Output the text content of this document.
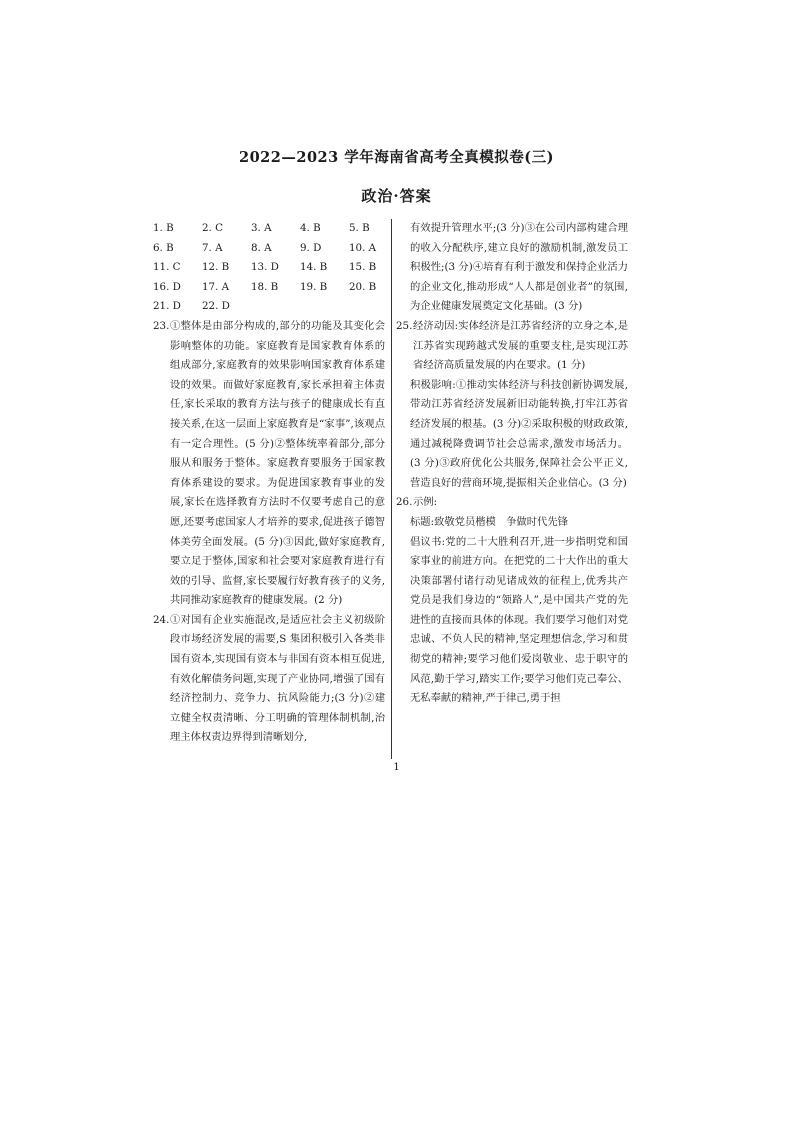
2022—2023 学年海南省高考全真模拟卷(三)
政治·答案
1. B	2. C	3. A	4. B	5. B
6. B	7. A	8. A	9. D	10. A
11. C	12. B	13. D	14. B	15. B
16. D	17. A	18. B	19. B	20. B
21. D	22. D
23. ①整体是由部分构成的,部分的功能及其变化会影响整体的功能。家庭教育是国家教育体系的组成部分,家庭教育的效果影响国家教育体系建设的效果。而做好家庭教育,家长承担着主体责任,家长采取的教育方法与孩子的健康成长有直接关系,在这一层面上家庭教育是“家事”,该观点有一定合理性。(5 分)②整体统率着部分,部分服从和服务于整体。家庭教育要服务于国家教育体系建设的要求。为促进国家教育事业的发展,家长在选择教育方法时不仅要考虑自己的意愿,还要考虑国家人才培养的要求,促进孩子德智体美劳全面发展。(5 分)③因此,做好家庭教育,要立足于整体,国家和社会要对家庭教育进行有效的引导、监督,家长要履行好教育孩子的义务,共同推动家庭教育的健康发展。(2 分)
24. ①对国有企业实施混改,是适应社会主义初级阶段市场经济发展的需要,S 集团积极引入各类非国有资本,实现国有资本与非国有资本相互促进,有效化解债务问题,实现了产业协同,增强了国有经济控制力、竞争力、抗风险能力;(3 分)②建立健全权责清晰、分工明确的管理体制机制,治理主体权责边界得到清晰划分,
有效提升管理水平;(3 分)③在公司内部构建合理的收入分配秩序,建立良好的激励机制,激发员工积极性;(3 分)④培育有利于激发和保持企业活力的企业文化,推动形成“人人都是创业者”的氛围,为企业健康发展奠定文化基础。(3 分)
25. 经济动因:实体经济是江苏省经济的立身之本,是江苏省实现跨越式发展的重要支柱,是实现江苏省经济高质量发展的内在要求。(1 分)
积极影响:①推动实体经济与科技创新协调发展,带动江苏省经济发展新旧动能转换,打牢江苏省经济发展的根基。(3 分)②采取积极的财政政策,通过减税降费调节社会总需求,激发市场活力。(3 分)③政府优化公共服务,保障社会公平正义,营造良好的营商环境,提振相关企业信心。(3 分)
26. 示例:
标题:致敬党员楷模　争做时代先锋
倡议书:党的二十大胜利召开,进一步指明党和国家事业的前进方向。在把党的二十大作出的重大决策部署付诸行动见诸成效的征程上,优秀共产党员是我们身边的“领路人”,是中国共产党的先进性的直接而具体的体现。我们要学习他们对党忠诚、不负人民的精神,坚定理想信念,学习和贯彻党的精神;要学习他们爱岗敬业、忠于职守的风范,勤于学习,踏实工作;要学习他们克己奉公、无私奉献的精神,严于律己,勇于担
1
